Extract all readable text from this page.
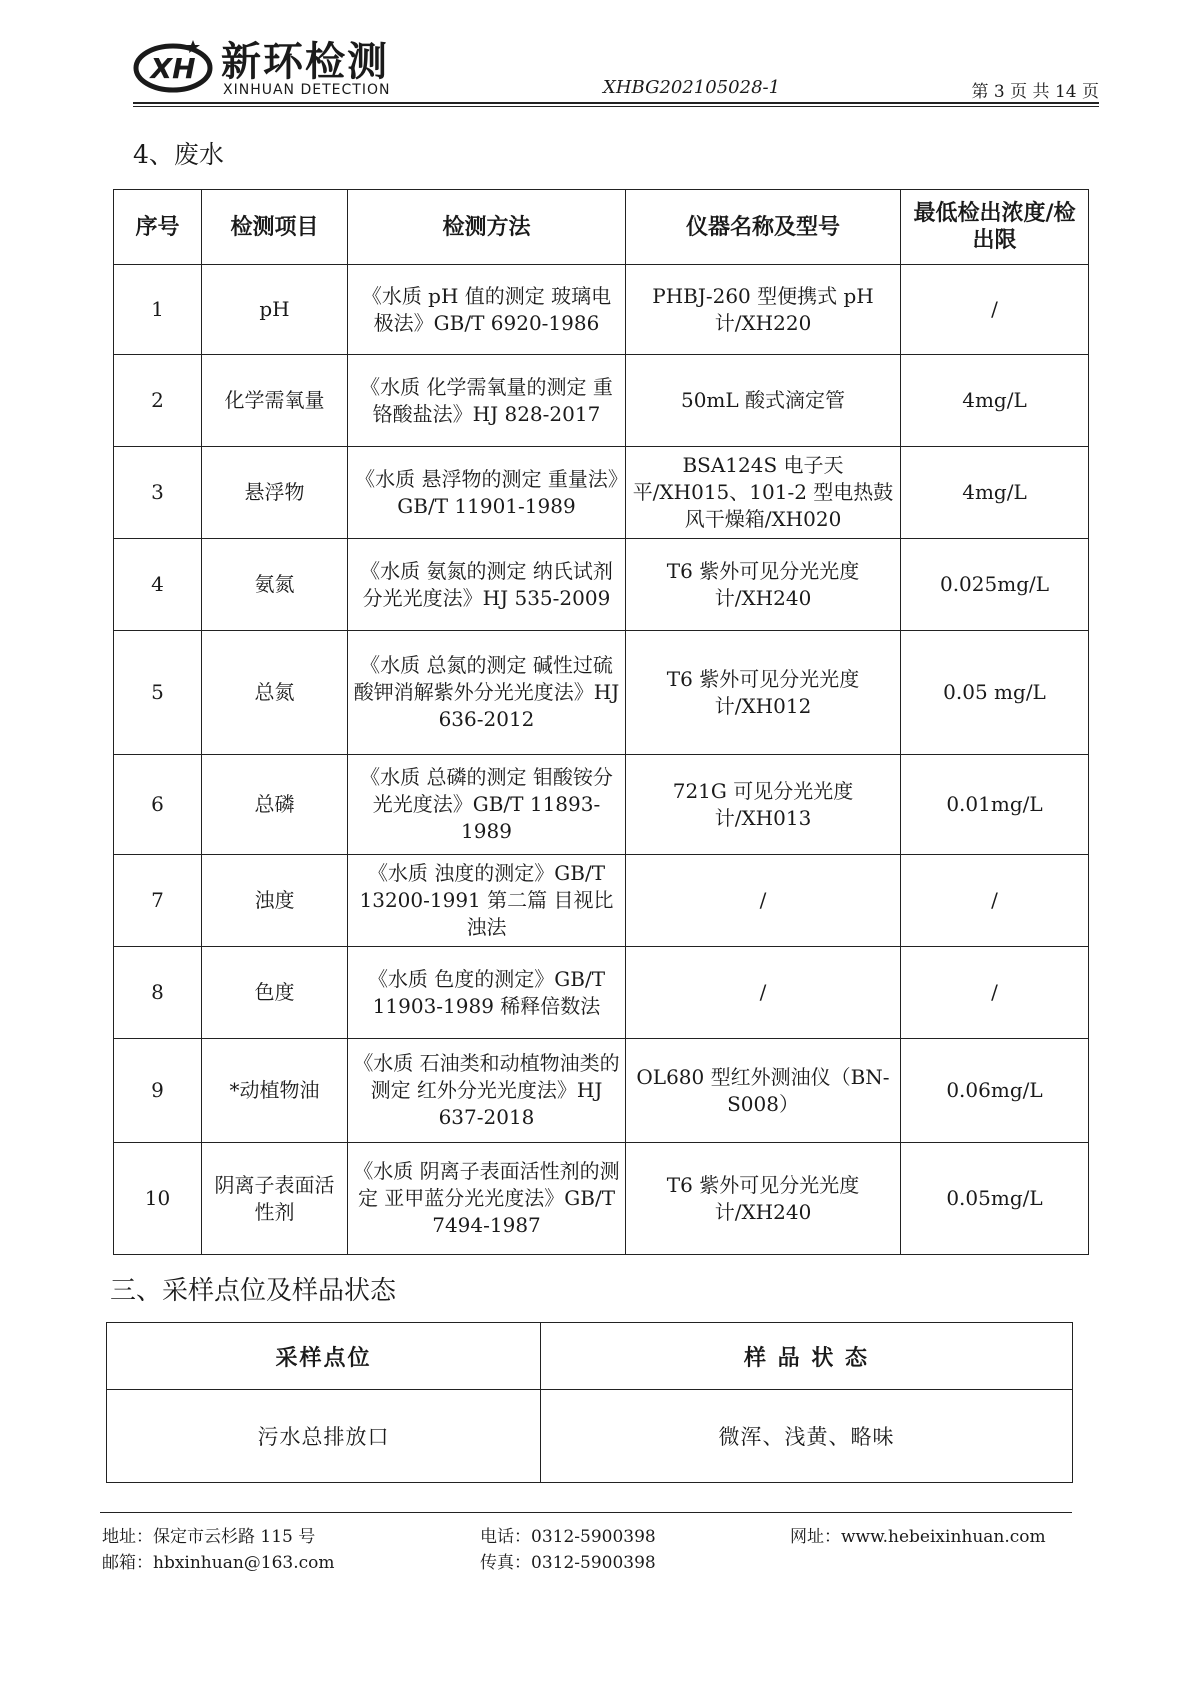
XH 新环检测
XINHUAN DETECTION	XHBG202105028-1	第 3 页 共 14 页
4、废水
序号	检测项目	检测方法	仪器名称及型号	最低检出浓度/检出限
1	pH	《水质 pH 值的测定 玻璃电极法》GB/T 6920-1986	PHBJ-260 型便携式 pH 计/XH220	/
2	化学需氧量	《水质 化学需氧量的测定 重铬酸盐法》HJ 828-2017	50mL 酸式滴定管	4mg/L
3	悬浮物	《水质 悬浮物的测定 重量法》GB/T 11901-1989	BSA124S 电子天平/XH015、101-2 型电热鼓风干燥箱/XH020	4mg/L
4	氨氮	《水质 氨氮的测定 纳氏试剂分光光度法》HJ 535-2009	T6 紫外可见分光光度计/XH240	0.025mg/L
5	总氮	《水质 总氮的测定 碱性过硫酸钾消解紫外分光光度法》HJ 636-2012	T6 紫外可见分光光度计/XH012	0.05 mg/L
6	总磷	《水质 总磷的测定 钼酸铵分光光度法》GB/T 11893-1989	721G 可见分光光度计/XH013	0.01mg/L
7	浊度	《水质 浊度的测定》GB/T 13200-1991 第二篇 目视比浊法	/	/
8	色度	《水质 色度的测定》GB/T 11903-1989 稀释倍数法	/	/
9	*动植物油	《水质 石油类和动植物油类的测定 红外分光光度法》HJ 637-2018	OL680 型红外测油仪（BN-S008）	0.06mg/L
10	阴离子表面活性剂	《水质 阴离子表面活性剂的测定 亚甲蓝分光光度法》GB/T 7494-1987	T6 紫外可见分光光度计/XH240	0.05mg/L
三、采样点位及样品状态
采样点位	样 品 状 态
污水总排放口	微浑、浅黄、略味
地址：保定市云杉路 115 号
邮箱：hbxinhuan@163.com
电话：0312-5900398
传真：0312-5900398
网址：www.hebeixinhuan.com
